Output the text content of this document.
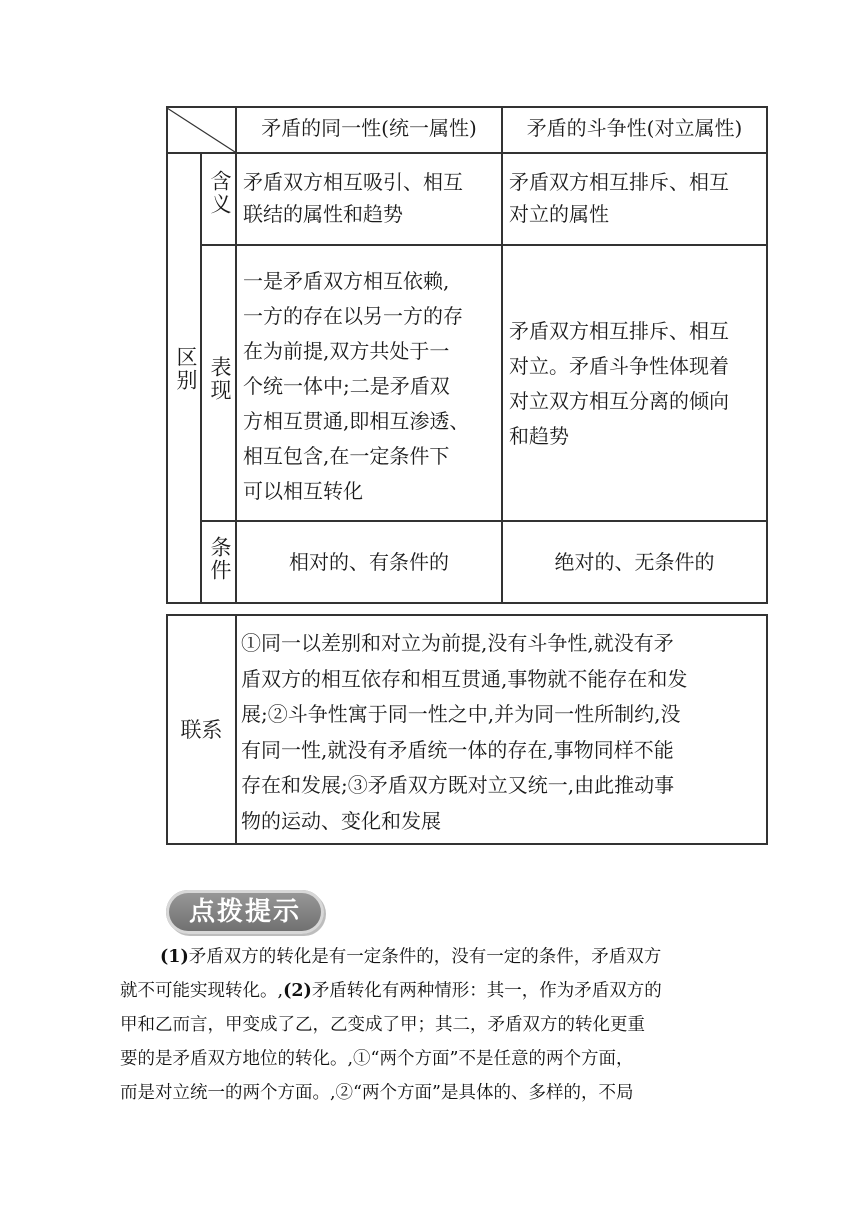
矛盾的同一性(统一属性)	矛盾的斗争性(对立属性)
区别
含义
表现
条件
矛盾双方相互吸引、相互
联结的属性和趋势
矛盾双方相互排斥、相互
对立的属性
一是矛盾双方相互依赖,
一方的存在以另一方的存
在为前提,双方共处于一
个统一体中;二是矛盾双
方相互贯通,即相互渗透、
相互包含,在一定条件下
可以相互转化
矛盾双方相互排斥、相互
对立。矛盾斗争性体现着
对立双方相互分离的倾向
和趋势
相对的、有条件的	绝对的、无条件的
联系
①同一以差别和对立为前提,没有斗争性,就没有矛
盾双方的相互依存和相互贯通,事物就不能存在和发
展;②斗争性寓于同一性之中,并为同一性所制约,没
有同一性,就没有矛盾统一体的存在,事物同样不能
存在和发展;③矛盾双方既对立又统一,由此推动事
物的运动、变化和发展
点拨提示
(1)矛盾双方的转化是有一定条件的，没有一定的条件，矛盾双方
就不可能实现转化。,(2)矛盾转化有两种情形：其一，作为矛盾双方的
甲和乙而言，甲变成了乙，乙变成了甲；其二，矛盾双方的转化更重
要的是矛盾双方地位的转化。,①“两个方面”不是任意的两个方面，
而是对立统一的两个方面。,②“两个方面”是具体的、多样的，不局
